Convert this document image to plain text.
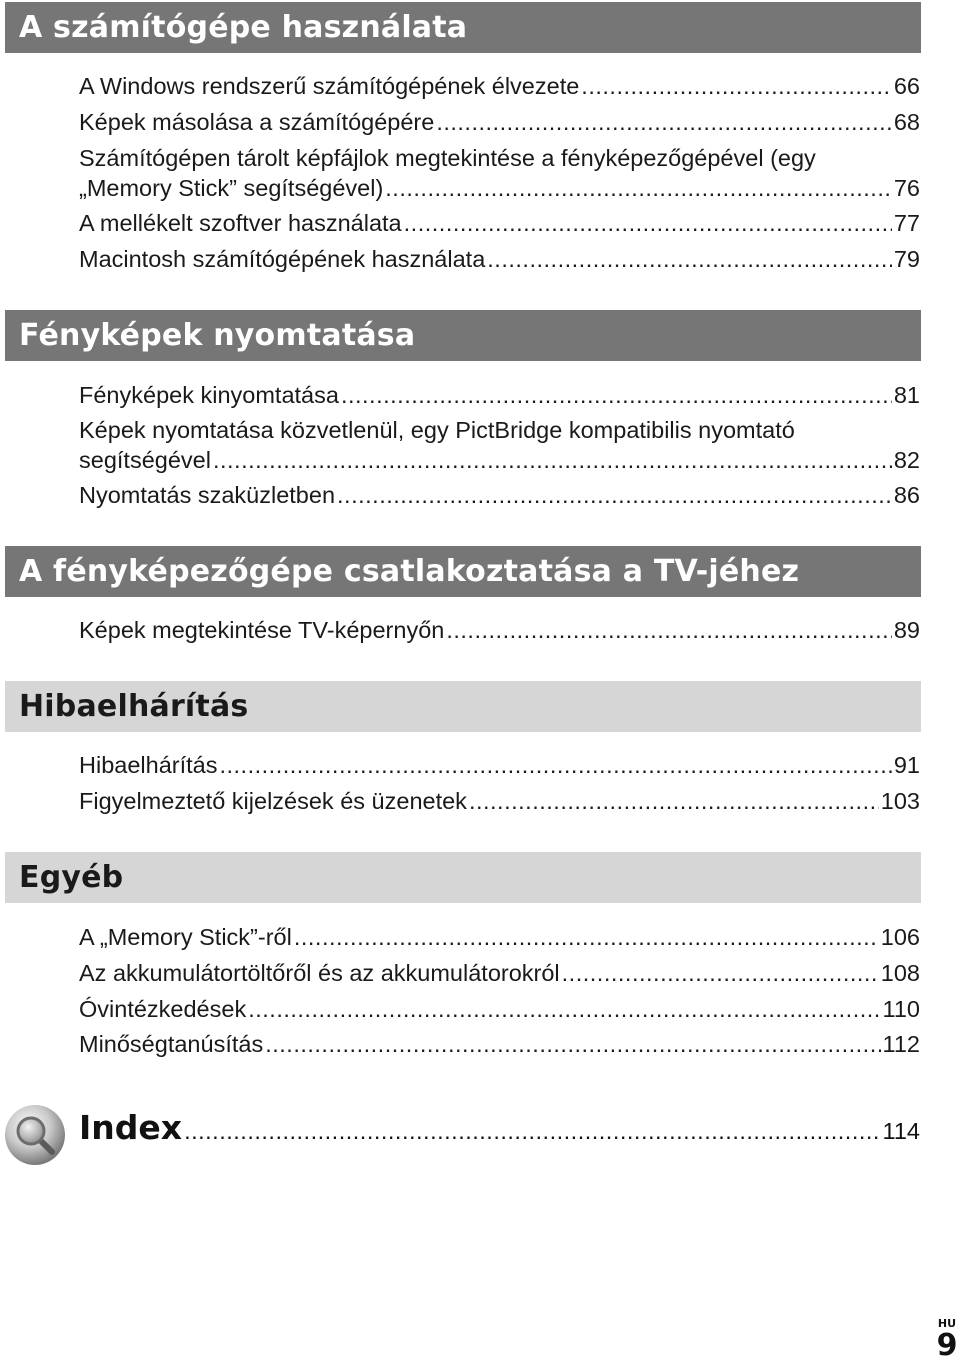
A számítógépe használata
A Windows rendszerű számítógépének élvezete .....	66
Képek másolása a számítógépére .....	68
Számítógépen tárolt képfájlok megtekintése a fényképezőgépével (egy
„Memory Stick” segítségével) .....	76
A mellékelt szoftver használata .....	77
Macintosh számítógépének használata .....	79
Fényképek nyomtatása
Fényképek kinyomtatása .....	81
Képek nyomtatása közvetlenül, egy PictBridge kompatibilis nyomtató
segítségével .....	82
Nyomtatás szaküzletben .....	86
A fényképezőgépe csatlakoztatása a TV-jéhez
Képek megtekintése TV-képernyőn .....	89
Hibaelhárítás
Hibaelhárítás .....	91
Figyelmeztető kijelzések és üzenetek .....	103
Egyéb
A „Memory Stick”-ről .....	106
Az akkumulátortöltőről és az akkumulátorokról .....	108
Óvintézkedések .....	110
Minőségtanúsítás .....	112
Index .....	114
HU
9
